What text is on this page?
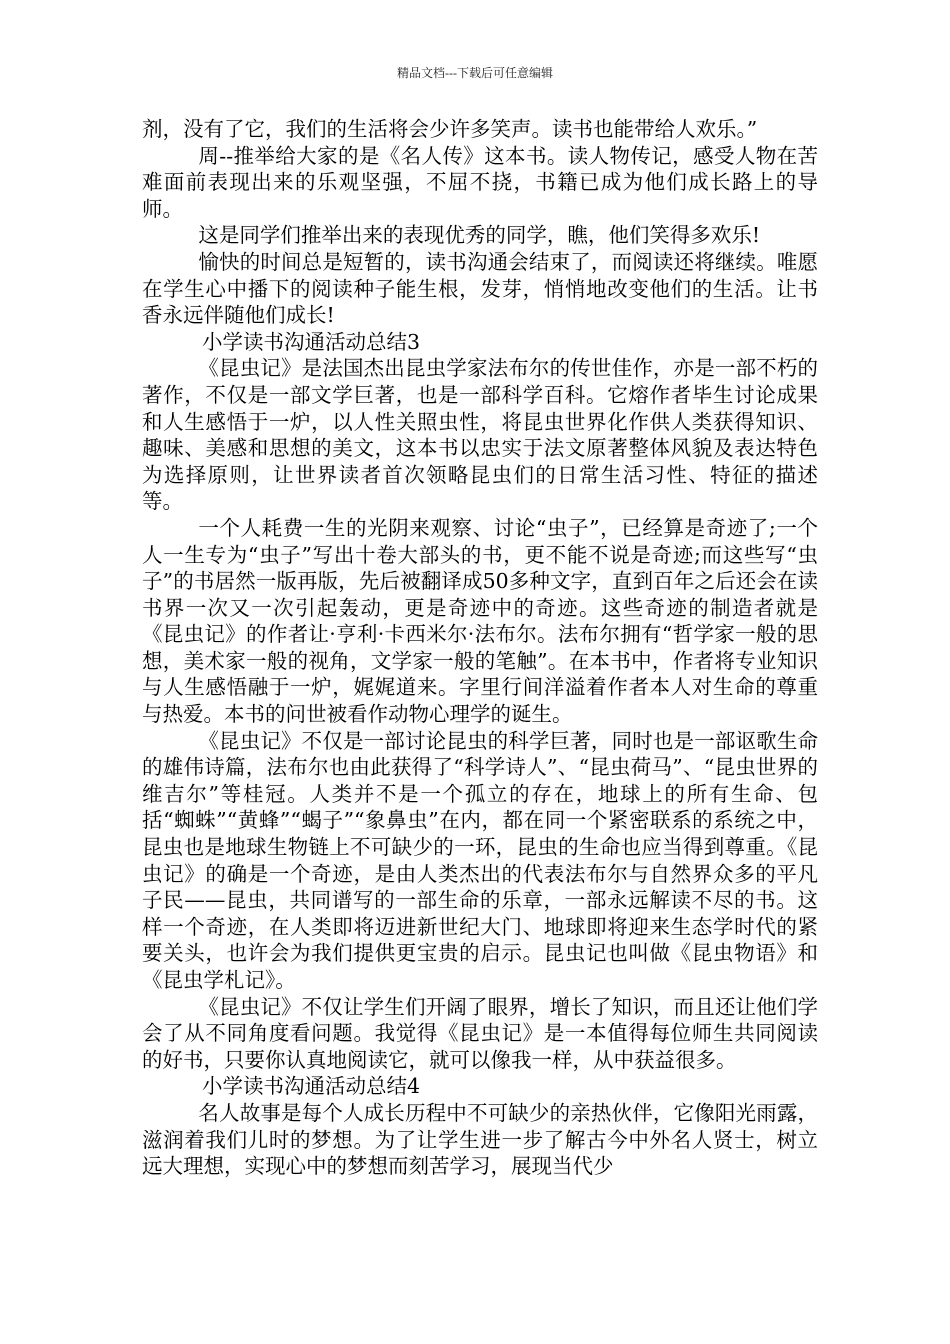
精品文档---下载后可任意编辑

剂，没有了它，我们的生活将会少许多笑声。读书也能带给人欢乐。”

周--推举给大家的是《名人传》这本书。读人物传记，感受人物在苦难面前表现出来的乐观坚强，不屈不挠，书籍已成为他们成长路上的导师。

这是同学们推举出来的表现优秀的同学，瞧，他们笑得多欢乐!

愉快的时间总是短暂的，读书沟通会结束了，而阅读还将继续。唯愿在学生心中播下的阅读种子能生根，发芽，悄悄地改变他们的生活。让书香永远伴随他们成长!

小学读书沟通活动总结3

《昆虫记》是法国杰出昆虫学家法布尔的传世佳作，亦是一部不朽的著作，不仅是一部文学巨著，也是一部科学百科。它熔作者毕生讨论成果和人生感悟于一炉，以人性关照虫性，将昆虫世界化作供人类获得知识、趣味、美感和思想的美文，这本书以忠实于法文原著整体风貌及表达特色为选择原则，让世界读者首次领略昆虫们的日常生活习性、特征的描述等。

一个人耗费一生的光阴来观察、讨论“虫子”，已经算是奇迹了;一个人一生专为“虫子”写出十卷大部头的书，更不能不说是奇迹;而这些写“虫子”的书居然一版再版，先后被翻译成50多种文字，直到百年之后还会在读书界一次又一次引起轰动，更是奇迹中的奇迹。这些奇迹的制造者就是《昆虫记》的作者让·亨利·卡西米尔·法布尔。法布尔拥有“哲学家一般的思想，美术家一般的视角，文学家一般的笔触”。在本书中，作者将专业知识与人生感悟融于一炉，娓娓道来。字里行间洋溢着作者本人对生命的尊重与热爱。本书的问世被看作动物心理学的诞生。

《昆虫记》不仅是一部讨论昆虫的科学巨著，同时也是一部讴歌生命的雄伟诗篇，法布尔也由此获得了“科学诗人”、“昆虫荷马”、“昆虫世界的维吉尔”等桂冠。人类并不是一个孤立的存在，地球上的所有生命、包括“蜘蛛”“黄蜂”“蝎子”“象鼻虫”在内，都在同一个紧密联系的系统之中，昆虫也是地球生物链上不可缺少的一环，昆虫的生命也应当得到尊重。《昆虫记》的确是一个奇迹，是由人类杰出的代表法布尔与自然界众多的平凡子民——昆虫，共同谱写的一部生命的乐章，一部永远解读不尽的书。这样一个奇迹，在人类即将迈进新世纪大门、地球即将迎来生态学时代的紧要关头，也许会为我们提供更宝贵的启示。昆虫记也叫做《昆虫物语》和《昆虫学札记》。

《昆虫记》不仅让学生们开阔了眼界，增长了知识，而且还让他们学会了从不同角度看问题。我觉得《昆虫记》是一本值得每位师生共同阅读的好书，只要你认真地阅读它，就可以像我一样，从中获益很多。

小学读书沟通活动总结4

名人故事是每个人成长历程中不可缺少的亲热伙伴，它像阳光雨露，滋润着我们儿时的梦想。为了让学生进一步了解古今中外名人贤士，树立远大理想，实现心中的梦想而刻苦学习，展现当代少
